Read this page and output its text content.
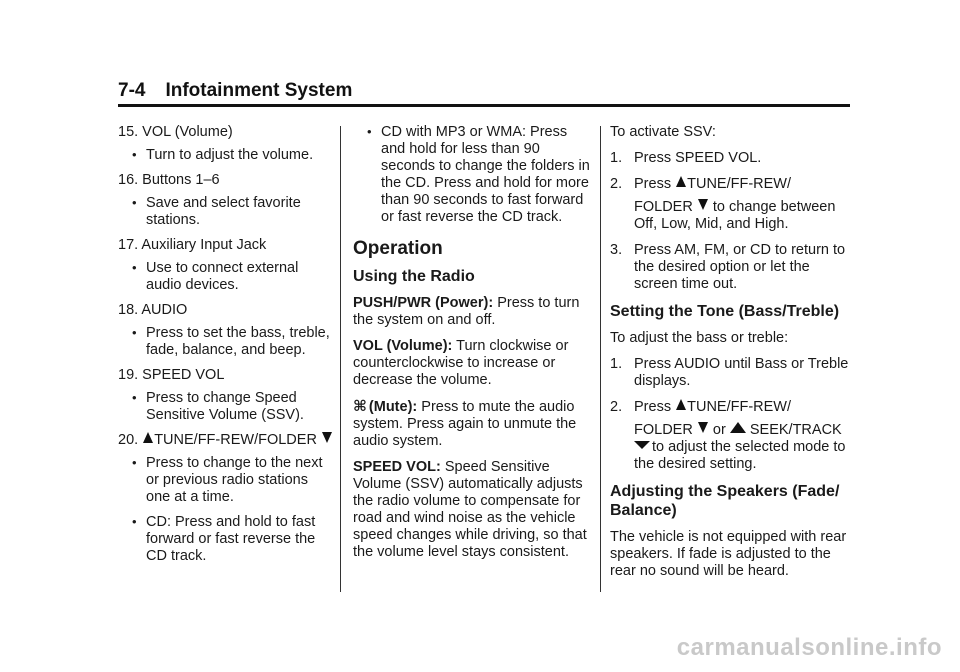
7-4 Infotainment System
15. VOL (Volume)
• Turn to adjust the volume.
16. Buttons 1–6
• Save and select favorite stations.
17. Auxiliary Input Jack
• Use to connect external audio devices.
18. AUDIO
• Press to set the bass, treble, fade, balance, and beep.
19. SPEED VOL
• Press to change Speed Sensitive Volume (SSV).
20. TUNE/FF-REW/FOLDER
• Press to change to the next or previous radio stations one at a time.
• CD: Press and hold to fast forward or fast reverse the CD track.
• CD with MP3 or WMA: Press and hold for less than 90 seconds to change the folders in the CD. Press and hold for more than 90 seconds to fast forward or fast reverse the CD track.
Operation
Using the Radio

PUSH/PWR (Power): Press to turn the system on and off.

VOL (Volume): Turn clockwise or counterclockwise to increase or decrease the volume.

⌘ (Mute): Press to mute the audio system. Press again to unmute the audio system.

SPEED VOL: Speed Sensitive Volume (SSV) automatically adjusts the radio volume to compensate for road and wind noise as the vehicle speed changes while driving, so that the volume level stays consistent.

To activate SSV:

1. Press SPEED VOL.
2. Press TUNE/FF-REW/
FOLDER to change between Off, Low, Mid, and High.
3. Press AM, FM, or CD to return to the desired option or let the screen time out.
Setting the Tone (Bass/Treble)

To adjust the bass or treble:

1. Press AUDIO until Bass or Treble displays.
2. Press TUNE/FF-REW/
FOLDER or SEEK/TRACK
to adjust the selected mode to the desired setting.
Adjusting the Speakers (Fade/ Balance)

The vehicle is not equipped with rear speakers. If fade is adjusted to the rear no sound will be heard.

carmanualsonline.info
